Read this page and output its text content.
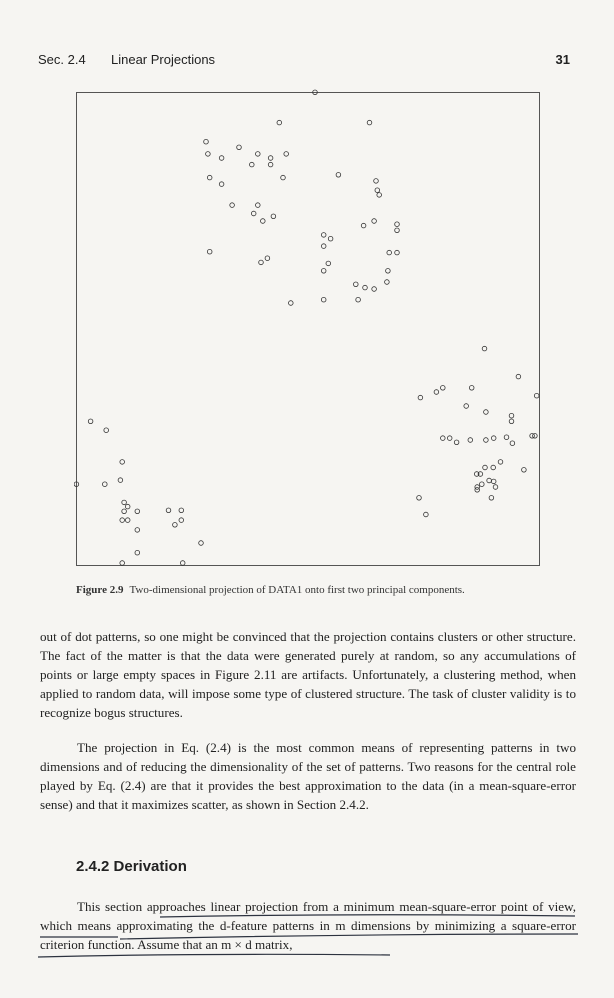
Sec. 2.4 Linear Projections	31
Figure 2.9 Two-dimensional projection of DATA1 onto first two principal components.

out of dot patterns, so one might be convinced that the projection contains clusters or other structure. The fact of the matter is that the data were generated purely at random, so any accumulations of points or large empty spaces in Figure 2.11 are artifacts. Unfortunately, a clustering method, when applied to random data, will impose some type of clustered structure. The task of cluster validity is to recognize bogus structures.

The projection in Eq. (2.4) is the most common means of representing patterns in two dimensions and of reducing the dimensionality of the set of patterns. Two reasons for the central role played by Eq. (2.4) are that it provides the best approximation to the data (in a mean-square-error sense) and that it maximizes scatter, as shown in Section 2.4.2.

2.4.2 Derivation

This section approaches linear projection from a minimum mean-square-error point of view, which means approximating the d-feature patterns in m dimensions by minimizing a square-error criterion function. Assume that an m × d matrix,
